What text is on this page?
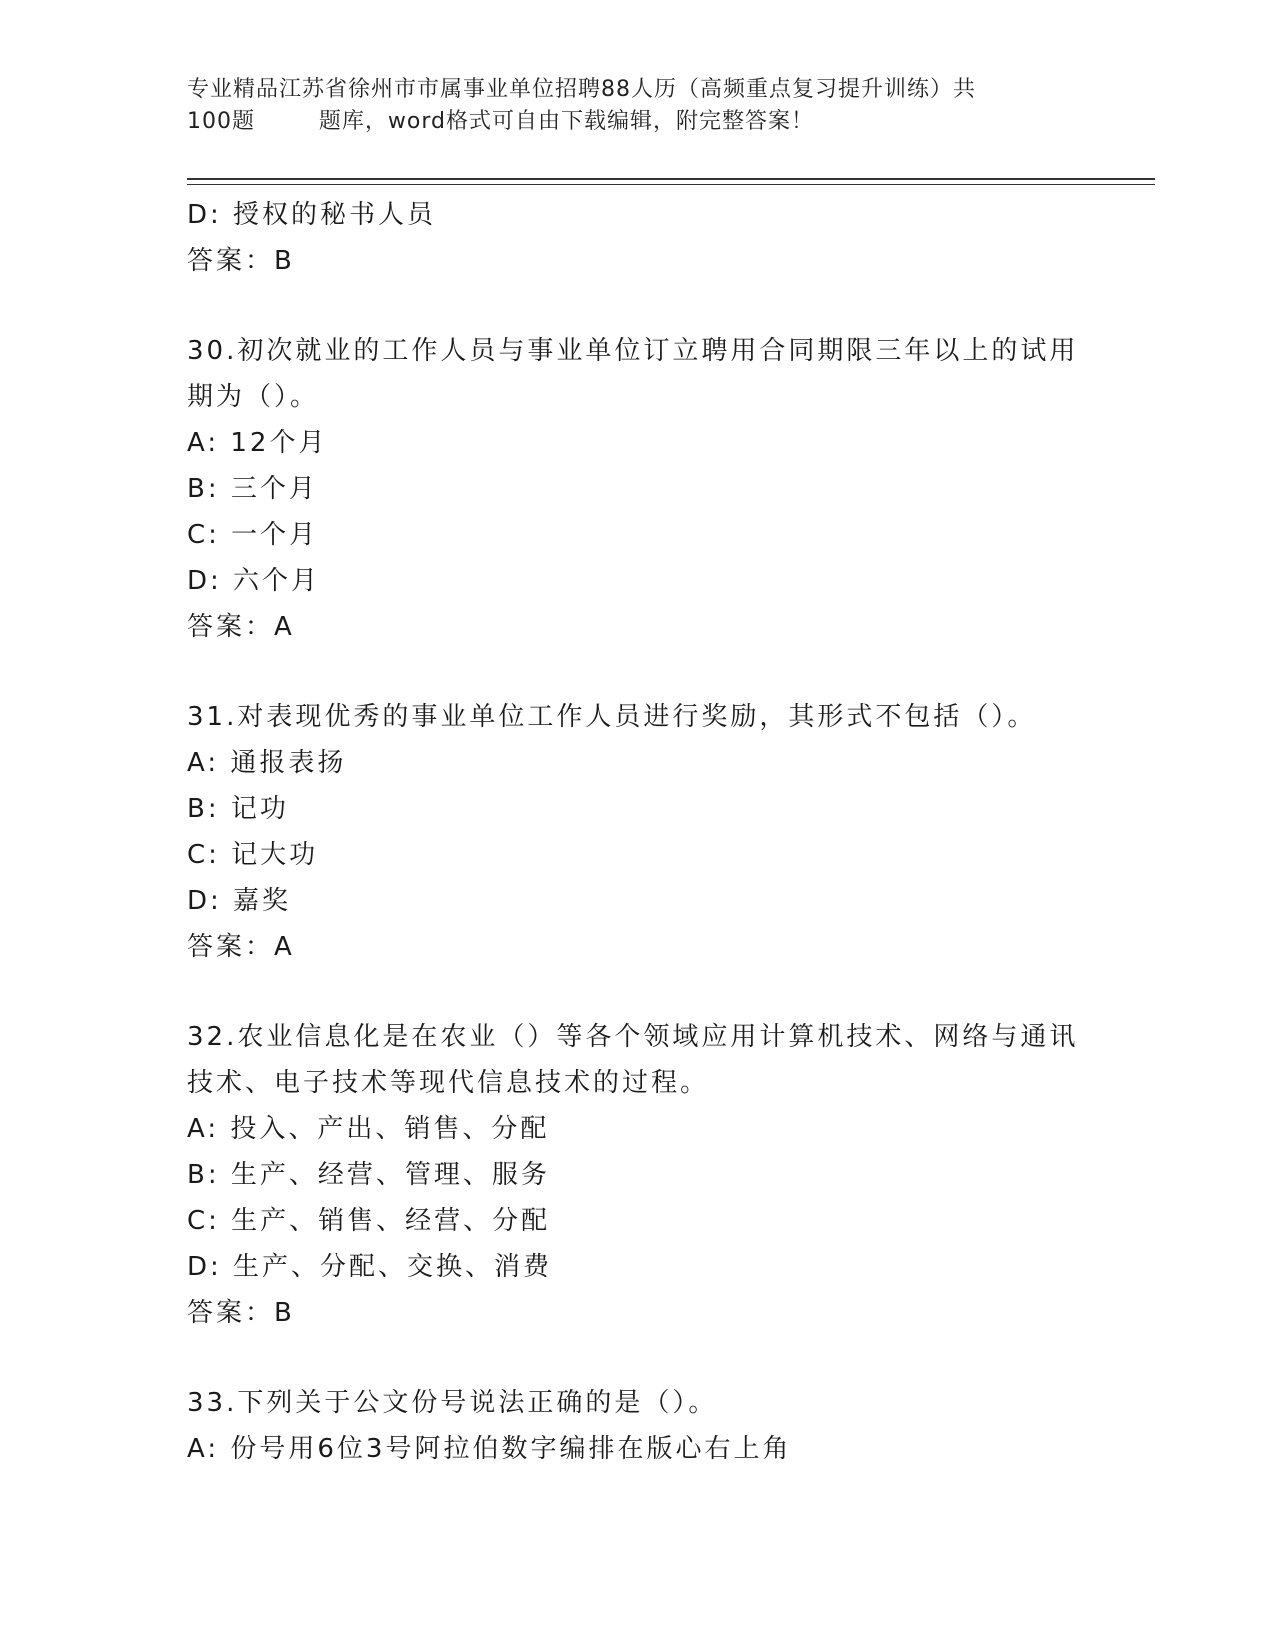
专业精品江苏省徐州市市属事业单位招聘88人历（高频重点复习提升训练）共
100题        题库，word格式可自由下载编辑，附完整答案！
D: 授权的秘书人员
答案：B
30.初次就业的工作人员与事业单位订立聘用合同期限三年以上的试用
期为（）。
A: 12个月
B: 三个月
C: 一个月
D: 六个月
答案：A
31.对表现优秀的事业单位工作人员进行奖励，其形式不包括（）。
A: 通报表扬
B: 记功
C: 记大功
D: 嘉奖
答案：A
32.农业信息化是在农业（）等各个领域应用计算机技术、网络与通讯
技术、电子技术等现代信息技术的过程。
A: 投入、产出、销售、分配
B: 生产、经营、管理、服务
C: 生产、销售、经营、分配
D: 生产、分配、交换、消费
答案：B
33.下列关于公文份号说法正确的是（）。
A: 份号用6位3号阿拉伯数字编排在版心右上角
